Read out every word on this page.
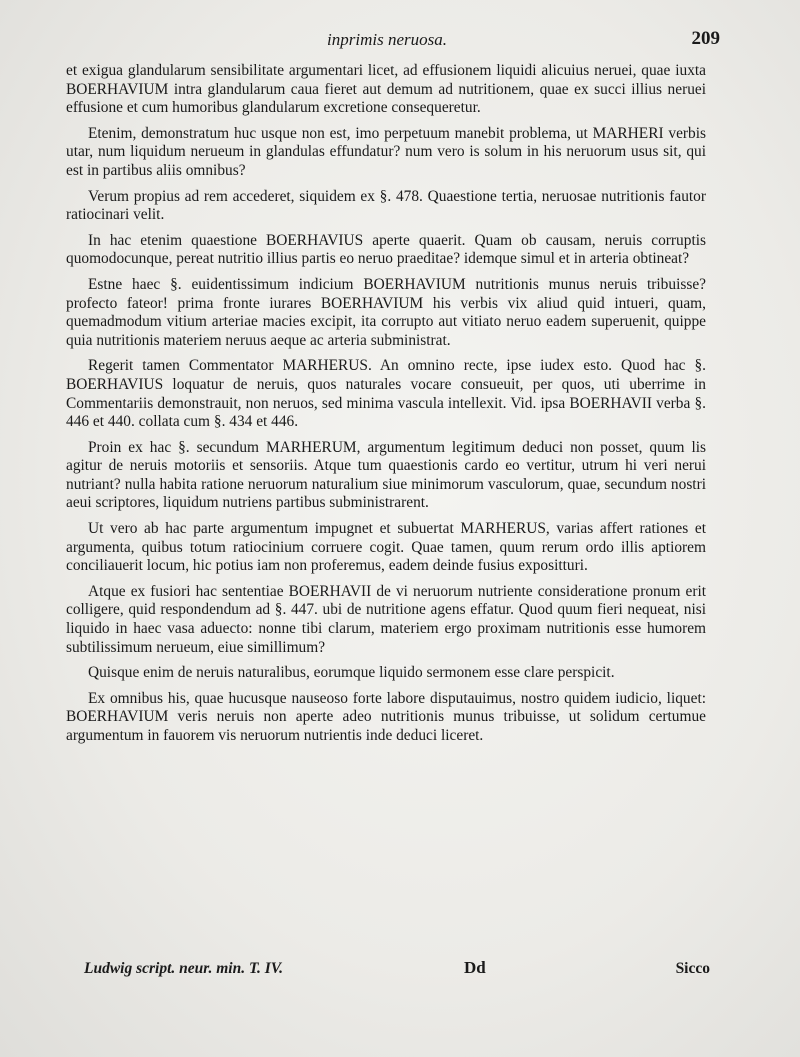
inprimis neruosa.	209

et exigua glandularum sensibilitate argumentari licet, ad effusionem liquidi alicuius neruei, quae iuxta BOERHAVIUM intra glandularum caua fieret aut demum ad nutritionem, quae ex succi illius neruei effusione et cum humoribus glandularum excretione consequeretur.

Etenim, demonstratum huc usque non est, imo perpetuum manebit problema, ut MARHERI verbis utar, num liquidum nerueum in glandulas effundatur? num vero is solum in his neruorum usus sit, qui est in partibus aliis omnibus?

Verum propius ad rem accederet, siquidem ex §. 478. Quaestione tertia, neruosae nutritionis fautor ratiocinari velit.

In hac etenim quaestione BOERHAVIUS aperte quaerit. Quam ob causam, neruis corruptis quomodocunque, pereat nutritio illius partis eo neruo praeditae? idemque simul et in arteria obtineat?

Estne haec §. euidentissimum indicium BOERHAVIUM nutritionis munus neruis tribuisse? profecto fateor! prima fronte iurares BOERHAVIUM his verbis vix aliud quid intueri, quam, quemadmodum vitium arteriae macies excipit, ita corrupto aut vitiato neruo eadem superuenit, quippe quia nutritionis materiem neruus aeque ac arteria subministrat.

Regerit tamen Commentator MARHERUS. An omnino recte, ipse iudex esto. Quod hac §. BOERHAVIUS loquatur de neruis, quos naturales vocare consueuit, per quos, uti uberrime in Commentariis demonstrauit, non neruos, sed minima vascula intellexit. Vid. ipsa BOERHAVII verba §. 446 et 440. collata cum §. 434 et 446.

Proin ex hac §. secundum MARHERUM, argumentum legitimum deduci non posset, quum lis agitur de neruis motoriis et sensoriis. Atque tum quaestionis cardo eo vertitur, utrum hi veri nerui nutriant? nulla habita ratione neruorum naturalium siue minimorum vasculorum, quae, secundum nostri aeui scriptores, liquidum nutriens partibus subministrarent.

Ut vero ab hac parte argumentum impugnet et subuertat MARHERUS, varias affert rationes et argumenta, quibus totum ratiocinium corruere cogit. Quae tamen, quum rerum ordo illis aptiorem conciliauerit locum, hic potius iam non proferemus, eadem deinde fusius expositturi.

Atque ex fusiori hac sententiae BOERHAVII de vi neruorum nutriente consideratione pronum erit colligere, quid respondendum ad §. 447. ubi de nutritione agens effatur. Quod quum fieri nequeat, nisi liquido in haec vasa aduecto: nonne tibi clarum, materiem ergo proximam nutritionis esse humorem subtilissimum nerueum, eiue simillimum?

Quisque enim de neruis naturalibus, eorumque liquido sermonem esse clare perspicit.

Ex omnibus his, quae hucusque nauseoso forte labore disputauimus, nostro quidem iudicio, liquet: BOERHAVIUM veris neruis non aperte adeo nutritionis munus tribuisse, ut solidum certumue argumentum in fauorem vis neruorum nutrientis inde deduci liceret.

Ludwig script. neur. min. T. IV.	Dd	Sicco
